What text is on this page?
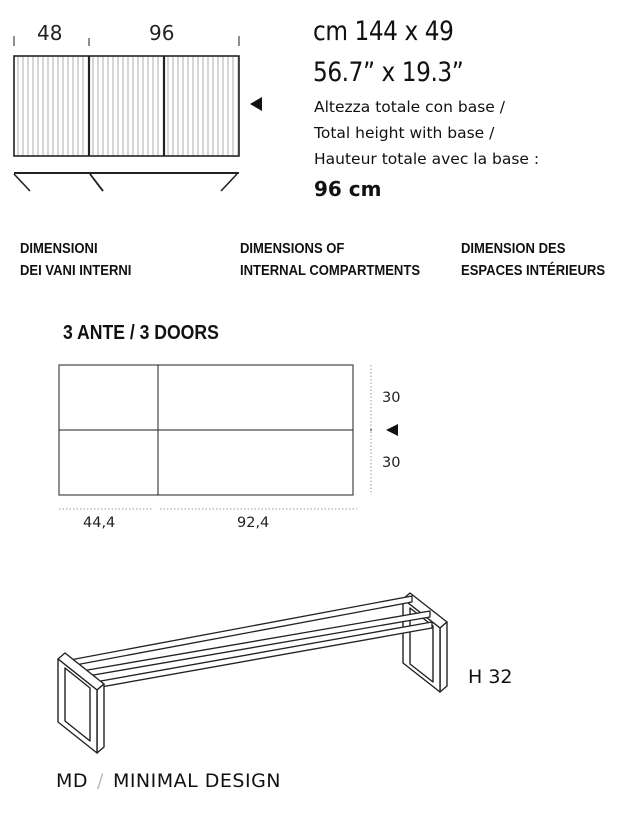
48	96	cm 144 x 49
56.7” x 19.3”
Altezza totale con base /
Total height with base /
Hauteur totale avec la base :
96 cm
DIMENSIONI
DEI VANI INTERNI
DIMENSIONS OF
INTERNAL COMPARTMENTS
DIMENSION DES
ESPACES INTÉRIEURS
3 ANTE / 3 DOORS
30
30
44,4	92,4
H 32
MD / MINIMAL DESIGN
